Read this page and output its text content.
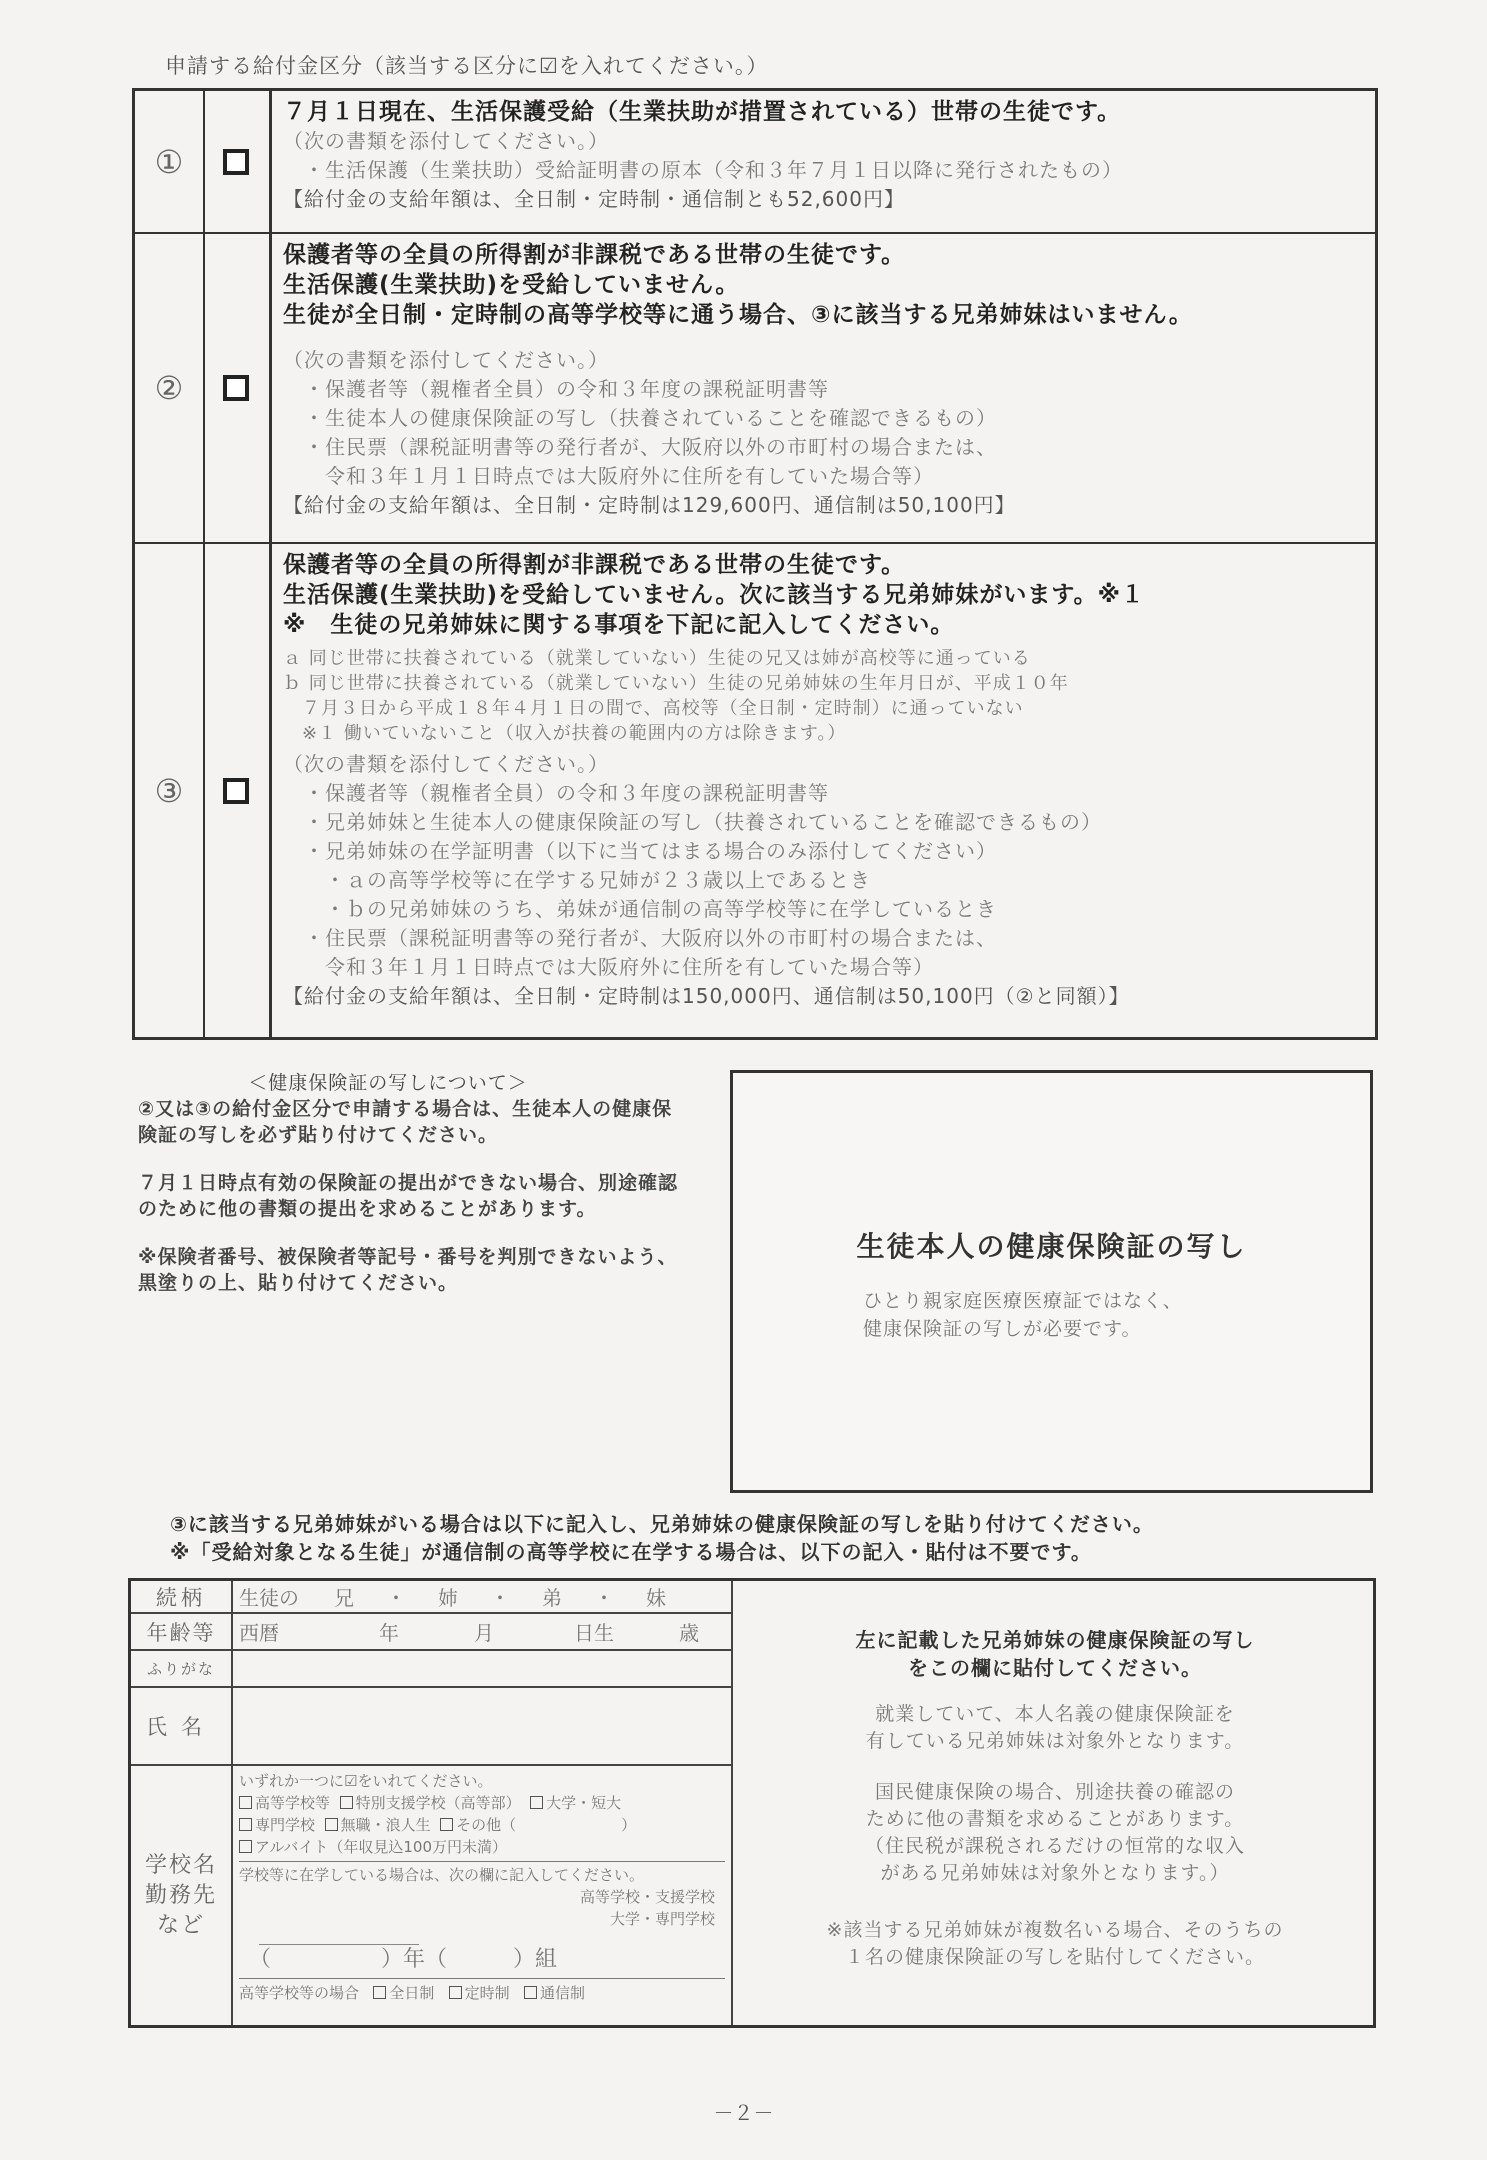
申請する給付金区分（該当する区分に☑を入れてください。）
①
７月１日現在、生活保護受給（生業扶助が措置されている）世帯の生徒です。
（次の書類を添付してください。）
　・生活保護（生業扶助）受給証明書の原本（令和３年７月１日以降に発行されたもの）
【給付金の支給年額は、全日制・定時制・通信制とも52,600円】
②
保護者等の全員の所得割が非課税である世帯の生徒です。
生活保護(生業扶助)を受給していません。
生徒が全日制・定時制の高等学校等に通う場合、③に該当する兄弟姉妹はいません。
（次の書類を添付してください。）
　・保護者等（親権者全員）の令和３年度の課税証明書等
　・生徒本人の健康保険証の写し（扶養されていることを確認できるもの）
　・住民票（課税証明書等の発行者が、大阪府以外の市町村の場合または、
　　令和３年１月１日時点では大阪府外に住所を有していた場合等）
【給付金の支給年額は、全日制・定時制は129,600円、通信制は50,100円】
③
保護者等の全員の所得割が非課税である世帯の生徒です。
生活保護(生業扶助)を受給していません。次に該当する兄弟姉妹がいます。※１
※　生徒の兄弟姉妹に関する事項を下記に記入してください。
ａ 同じ世帯に扶養されている（就業していない）生徒の兄又は姉が高校等に通っている
ｂ 同じ世帯に扶養されている（就業していない）生徒の兄弟姉妹の生年月日が、平成１０年
　７月３日から平成１８年４月１日の間で、高校等（全日制・定時制）に通っていない
　※１ 働いていないこと（収入が扶養の範囲内の方は除きます。）
（次の書類を添付してください。）
　・保護者等（親権者全員）の令和３年度の課税証明書等
　・兄弟姉妹と生徒本人の健康保険証の写し（扶養されていることを確認できるもの）
　・兄弟姉妹の在学証明書（以下に当てはまる場合のみ添付してください）
　　・ａの高等学校等に在学する兄姉が２３歳以上であるとき
　　・ｂの兄弟姉妹のうち、弟妹が通信制の高等学校等に在学しているとき
　・住民票（課税証明書等の発行者が、大阪府以外の市町村の場合または、
　　令和３年１月１日時点では大阪府外に住所を有していた場合等）
【給付金の支給年額は、全日制・定時制は150,000円、通信制は50,100円（②と同額）】
＜健康保険証の写しについて＞

②又は③の給付金区分で申請する場合は、生徒本人の健康保険証の写しを必ず貼り付けてください。

７月１日時点有効の保険証の提出ができない場合、別途確認のために他の書類の提出を求めることがあります。

※保険者番号、被保険者等記号・番号を判別できないよう、黒塗りの上、貼り付けてください。

生徒本人の健康保険証の写し
ひとり親家庭医療医療証ではなく、
健康保険証の写しが必要です。
③に該当する兄弟姉妹がいる場合は以下に記入し、兄弟姉妹の健康保険証の写しを貼り付けてください。
※「受給対象となる生徒」が通信制の高等学校に在学する場合は、以下の記入・貼付は不要です。
続柄	生徒の	兄	・	姉	・	弟	・	妹
年齢等	西暦	年	月	日生	歳
ふりがな
氏名
学校名
勤務先
など
いずれか一つに☑をいれてください。
高等学校等 特別支援学校（高等部） 大学・短大
専門学校 無職・浪人生 その他（　　　　　　　）
アルバイト（年収見込100万円未満）
学校等に在学している場合は、次の欄に記入してください。
高等学校・支援学校
大学・専門学校
（　　　　　）年（　　　）組
高等学校等の場合 全日制 定時制 通信制
左に記載した兄弟姉妹の健康保険証の写し
をこの欄に貼付してください。
就業していて、本人名義の健康保険証を
有している兄弟姉妹は対象外となります。
国民健康保険の場合、別途扶養の確認の
ために他の書類を求めることがあります。
（住民税が課税されるだけの恒常的な収入
がある兄弟姉妹は対象外となります。）
※該当する兄弟姉妹が複数名いる場合、そのうちの
１名の健康保険証の写しを貼付してください。
－２－
